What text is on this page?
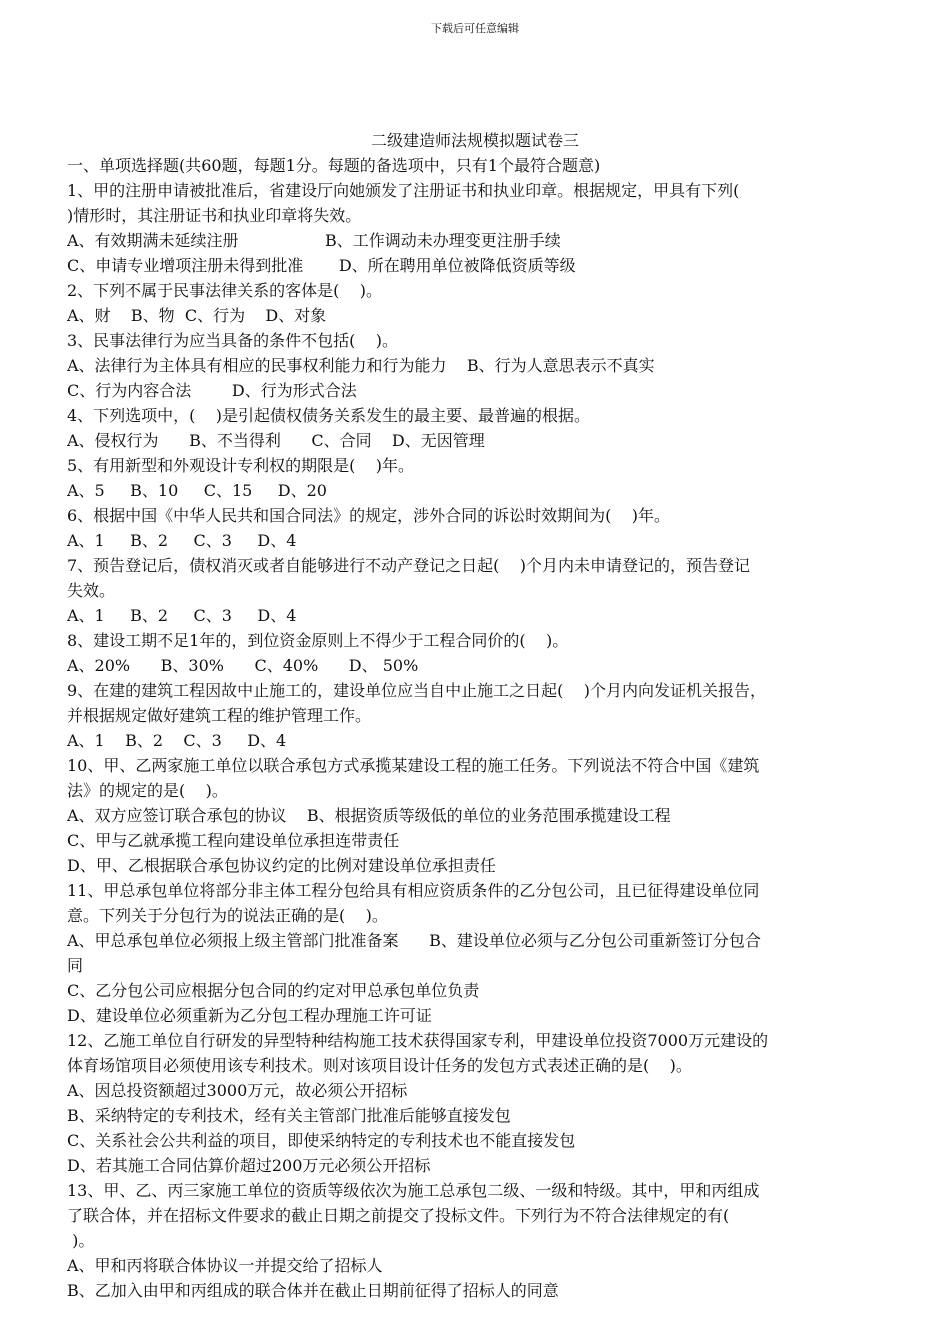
下载后可任意编辑
二级建造师法规模拟题试卷三
一、单项选择题(共60题，每题1分。每题的备选项中，只有1个最符合题意)
1、甲的注册申请被批准后，省建设厅向她颁发了注册证书和执业印章。根据规定，甲具有下列(
)情形时，其注册证书和执业印章将失效。
A、有效期满未延续注册                 B、工作调动未办理变更注册手续
C、申请专业增项注册未得到批准       D、所在聘用单位被降低资质等级
2、下列不属于民事法律关系的客体是(    )。
A、财    B、物  C、行为    D、对象
3、民事法律行为应当具备的条件不包括(    )。
A、法律行为主体具有相应的民事权利能力和行为能力    B、行为人意思表示不真实
C、行为内容合法        D、行为形式合法
4、下列选项中，(    )是引起债权债务关系发生的最主要、最普遍的根据。
A、侵权行为      B、不当得利      C、合同    D、无因管理
5、有用新型和外观设计专利权的期限是(    )年。
A、5     B、10     C、15     D、20
6、根据中国《中华人民共和国合同法》的规定，涉外合同的诉讼时效期间为(    )年。
A、1     B、2     C、3     D、4
7、预告登记后，债权消灭或者自能够进行不动产登记之日起(    )个月内未申请登记的，预告登记
失效。
A、1     B、2     C、3     D、4
8、建设工期不足1年的，到位资金原则上不得少于工程合同价的(    )。
A、20%      B、30%      C、40%      D、 50%
9、在建的建筑工程因故中止施工的，建设单位应当自中止施工之日起(    )个月内向发证机关报告，
并根据规定做好建筑工程的维护管理工作。
A、1    B、2    C、3     D、4
10、甲、乙两家施工单位以联合承包方式承揽某建设工程的施工任务。下列说法不符合中国《建筑
法》的规定的是(    )。
A、双方应签订联合承包的协议    B、根据资质等级低的单位的业务范围承揽建设工程
C、甲与乙就承揽工程向建设单位承担连带责任
D、甲、乙根据联合承包协议约定的比例对建设单位承担责任
11、甲总承包单位将部分非主体工程分包给具有相应资质条件的乙分包公司，且已征得建设单位同
意。下列关于分包行为的说法正确的是(    )。
A、甲总承包单位必须报上级主管部门批准备案      B、建设单位必须与乙分包公司重新签订分包合
同
C、乙分包公司应根据分包合同的约定对甲总承包单位负责
D、建设单位必须重新为乙分包工程办理施工许可证
12、乙施工单位自行研发的异型特种结构施工技术获得国家专利，甲建设单位投资7000万元建设的
体育场馆项目必须使用该专利技术。则对该项目设计任务的发包方式表述正确的是(    )。
A、因总投资额超过3000万元，故必须公开招标
B、采纳特定的专利技术，经有关主管部门批准后能够直接发包
C、关系社会公共利益的项目，即使采纳特定的专利技术也不能直接发包
D、若其施工合同估算价超过200万元必须公开招标
13、甲、乙、丙三家施工单位的资质等级依次为施工总承包二级、一级和特级。其中，甲和丙组成
了联合体，并在招标文件要求的截止日期之前提交了投标文件。下列行为不符合法律规定的有(
)。
A、甲和丙将联合体协议一并提交给了招标人
B、乙加入由甲和丙组成的联合体并在截止日期前征得了招标人的同意
